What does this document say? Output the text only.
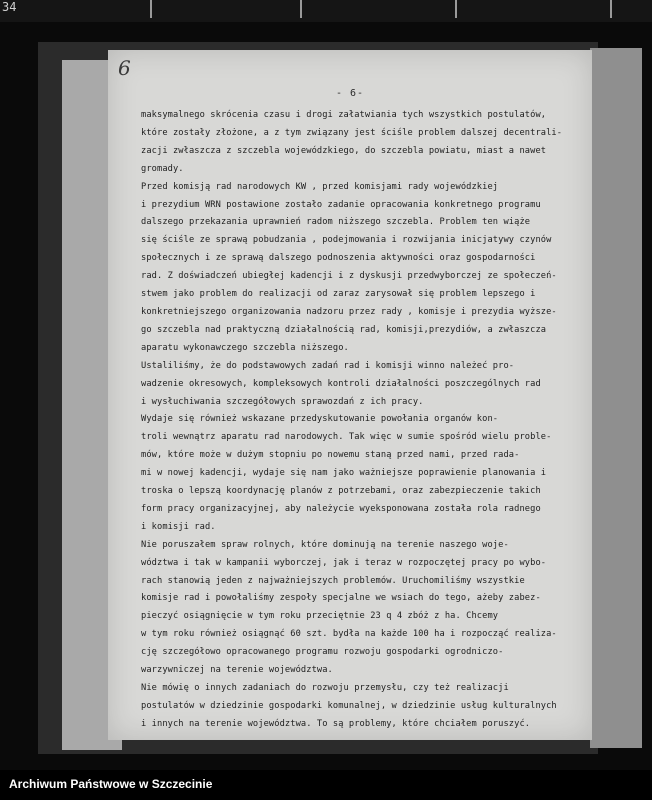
34
6
- 6-
maksymalnego skrócenia czasu i drogi załatwiania tych wszystkich postulatów,
które zostały złożone, a z tym związany jest ściśle problem dalszej decentrali-
zacji zwłaszcza z szczebla wojewódzkiego, do szczebla powiatu, miast a nawet
gromady.
Przed komisją rad narodowych KW , przed komisjami rady wojewódzkiej
i prezydium WRN postawione zostało zadanie opracowania konkretnego programu
dalszego przekazania uprawnień radom niższego szczebla. Problem ten wiąże
się ściśle ze sprawą pobudzania , podejmowania i rozwijania inicjatywy czynów
społecznych i ze sprawą dalszego podnoszenia aktywności oraz gospodarności
rad. Z doświadczeń ubiegłej kadencji i z dyskusji przedwyborczej ze społeczeń-
stwem jako problem do realizacji od zaraz zarysował się problem lepszego i
konkretniejszego organizowania nadzoru przez rady , komisje i prezydia wyższe-
go szczebla nad praktyczną działalnością rad, komisji,prezydiów, a zwłaszcza
aparatu wykonawczego szczebla niższego.
Ustaliliśmy, że do podstawowych zadań rad i komisji winno należeć pro-
wadzenie okresowych, kompleksowych kontroli działalności poszczególnych rad
i wysłuchiwania szczegółowych sprawozdań z ich pracy.
Wydaje się również wskazane przedyskutowanie powołania organów kon-
troli wewnątrz aparatu rad narodowych. Tak więc w sumie spośród wielu proble-
mów, które może w dużym stopniu po nowemu staną przed nami, przed rada-
mi w nowej kadencji, wydaje się nam jako ważniejsze poprawienie planowania i
troska o lepszą koordynację planów z potrzebami, oraz zabezpieczenie takich
form pracy organizacyjnej, aby należycie wyeksponowana została rola radnego
i komisji rad.
Nie poruszałem spraw rolnych, które dominują na terenie naszego woje-
wództwa i tak w kampanii wyborczej, jak i teraz w rozpoczętej pracy po wybo-
rach stanowią jeden z najważniejszych problemów. Uruchomiliśmy wszystkie
komisje rad i powołaliśmy zespoły specjalne we wsiach do tego, ażeby zabez-
pieczyć osiągnięcie w tym roku przeciętnie 23 q 4 zbóż z ha. Chcemy
w tym roku również osiągnąć 60 szt. bydła na każde 100 ha i rozpocząć realiza-
cję szczegółowo opracowanego programu rozwoju gospodarki ogrodniczo-
warzywniczej na terenie województwa.
Nie mówię o innych zadaniach do rozwoju przemysłu, czy też realizacji
postulatów w dziedzinie gospodarki komunalnej, w dziedzinie usług kulturalnych
i innych na terenie województwa. To są problemy, które chciałem poruszyć.
Archiwum Państwowe w Szczecinie
